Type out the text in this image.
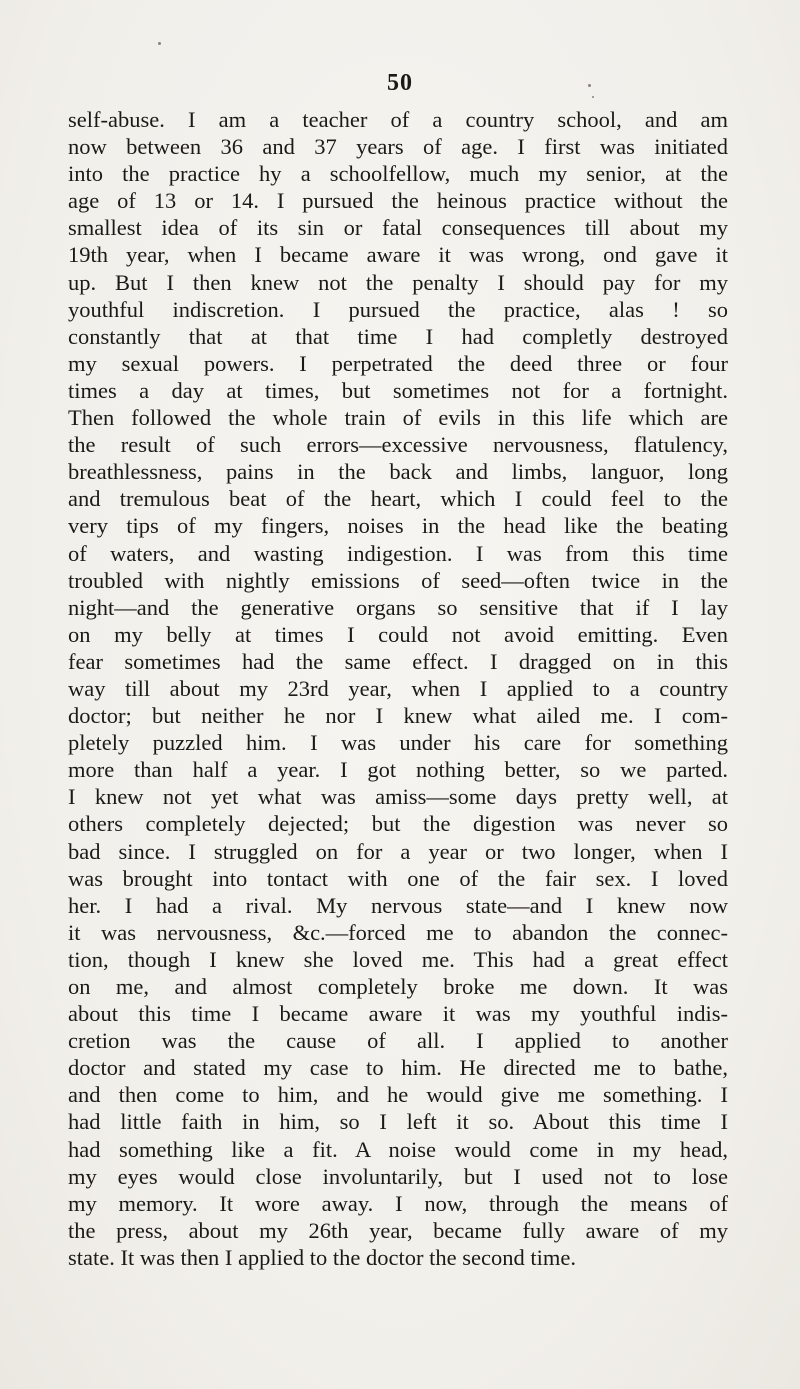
50
self-abuse. I am a teacher of a country school, and am
now between 36 and 37 years of age. I first was initiated
into the practice hy a schoolfellow, much my senior, at the
age of 13 or 14. I pursued the heinous practice without the
smallest idea of its sin or fatal consequences till about my
19th year, when I became aware it was wrong, ond gave it
up. But I then knew not the penalty I should pay for my
youthful indiscretion. I pursued the practice, alas ! so
constantly that at that time I had completly destroyed
my sexual powers. I perpetrated the deed three or four
times a day at times, but sometimes not for a fortnight.
Then followed the whole train of evils in this life which are
the result of such errors—excessive nervousness, flatulency,
breathlessness, pains in the back and limbs, languor, long
and tremulous beat of the heart, which I could feel to the
very tips of my fingers, noises in the head like the beating
of waters, and wasting indigestion. I was from this time
troubled with nightly emissions of seed—often twice in the
night—and the generative organs so sensitive that if I lay
on my belly at times I could not avoid emitting. Even
fear sometimes had the same effect. I dragged on in this
way till about my 23rd year, when I applied to a country
doctor; but neither he nor I knew what ailed me. I com-
pletely puzzled him. I was under his care for something
more than half a year. I got nothing better, so we parted.
I knew not yet what was amiss—some days pretty well, at
others completely dejected; but the digestion was never so
bad since. I struggled on for a year or two longer, when I
was brought into tontact with one of the fair sex. I loved
her. I had a rival. My nervous state—and I knew now
it was nervousness, &c.—forced me to abandon the connec-
tion, though I knew she loved me. This had a great effect
on me, and almost completely broke me down. It was
about this time I became aware it was my youthful indis-
cretion was the cause of all. I applied to another
doctor and stated my case to him. He directed me to bathe,
and then come to him, and he would give me something. I
had little faith in him, so I left it so. About this time I
had something like a fit. A noise would come in my head,
my eyes would close involuntarily, but I used not to lose
my memory. It wore away. I now, through the means of
the press, about my 26th year, became fully aware of my
state. It was then I applied to the doctor the second time.
